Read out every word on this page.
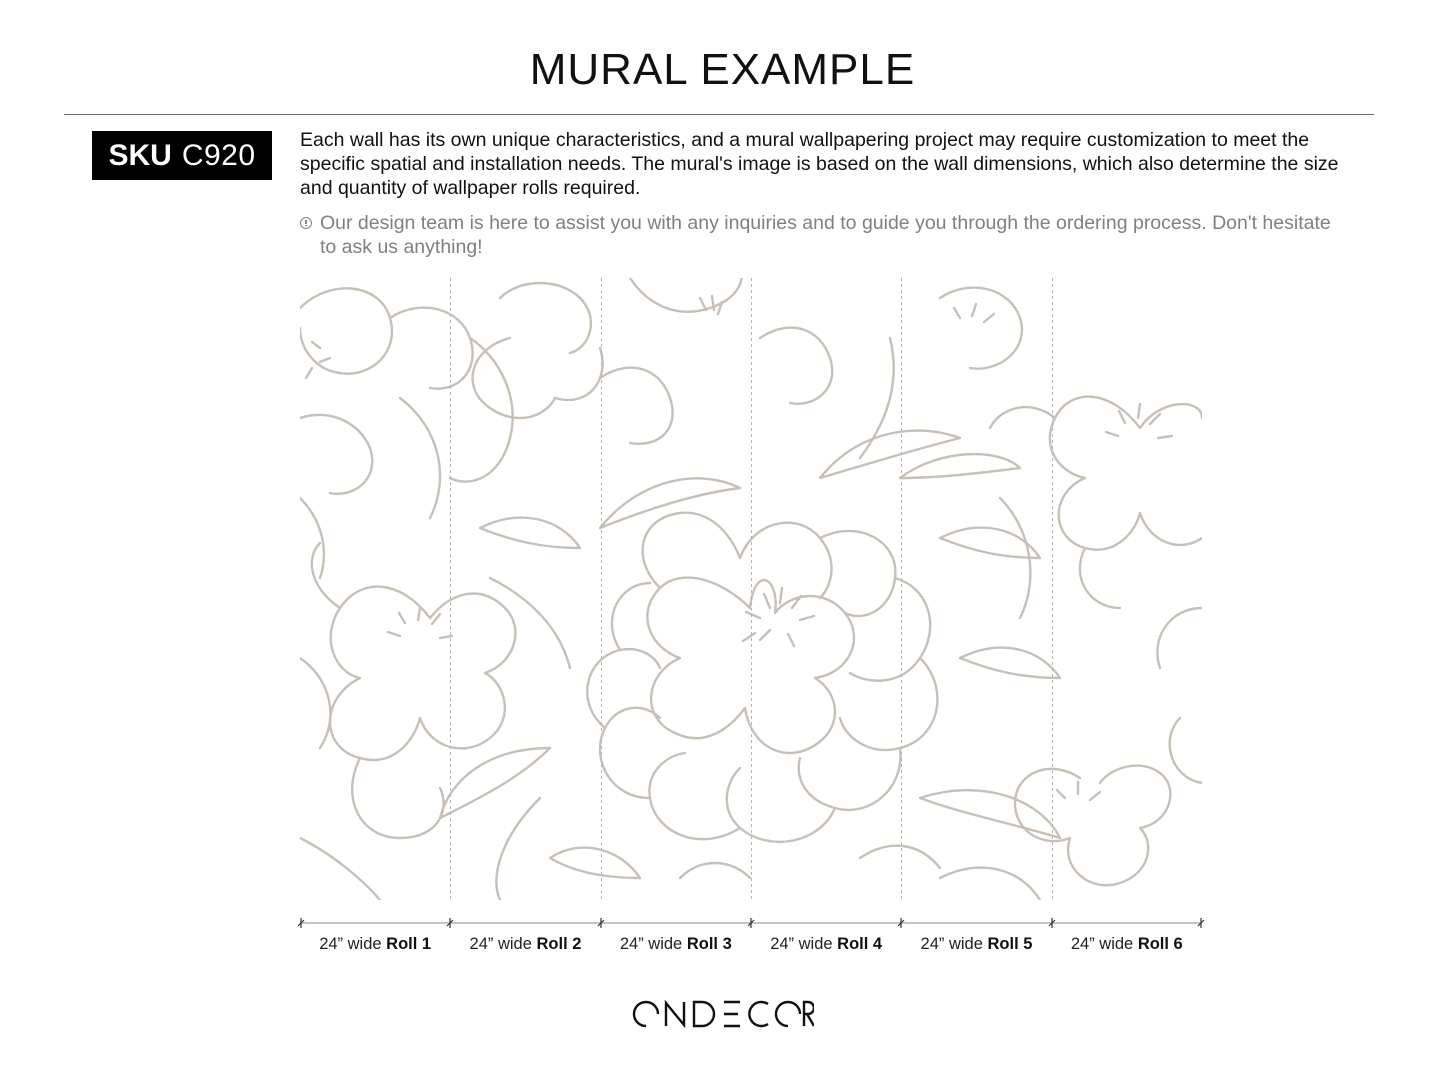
MURAL EXAMPLE
SKU C920 Each wall has its own unique characteristics, and a mural wallpapering project may require customization to meet the specific spatial and installation needs. The mural's image is based on the wall dimensions, which also determine the size and quantity of wallpaper rolls required.
Our design team is here to assist you with any inquiries and to guide you through the ordering process. Don't hesitate to ask us anything!
24” wide Roll 1	24” wide Roll 2	24” wide Roll 3	24” wide Roll 4	24” wide Roll 5	24” wide Roll 6
